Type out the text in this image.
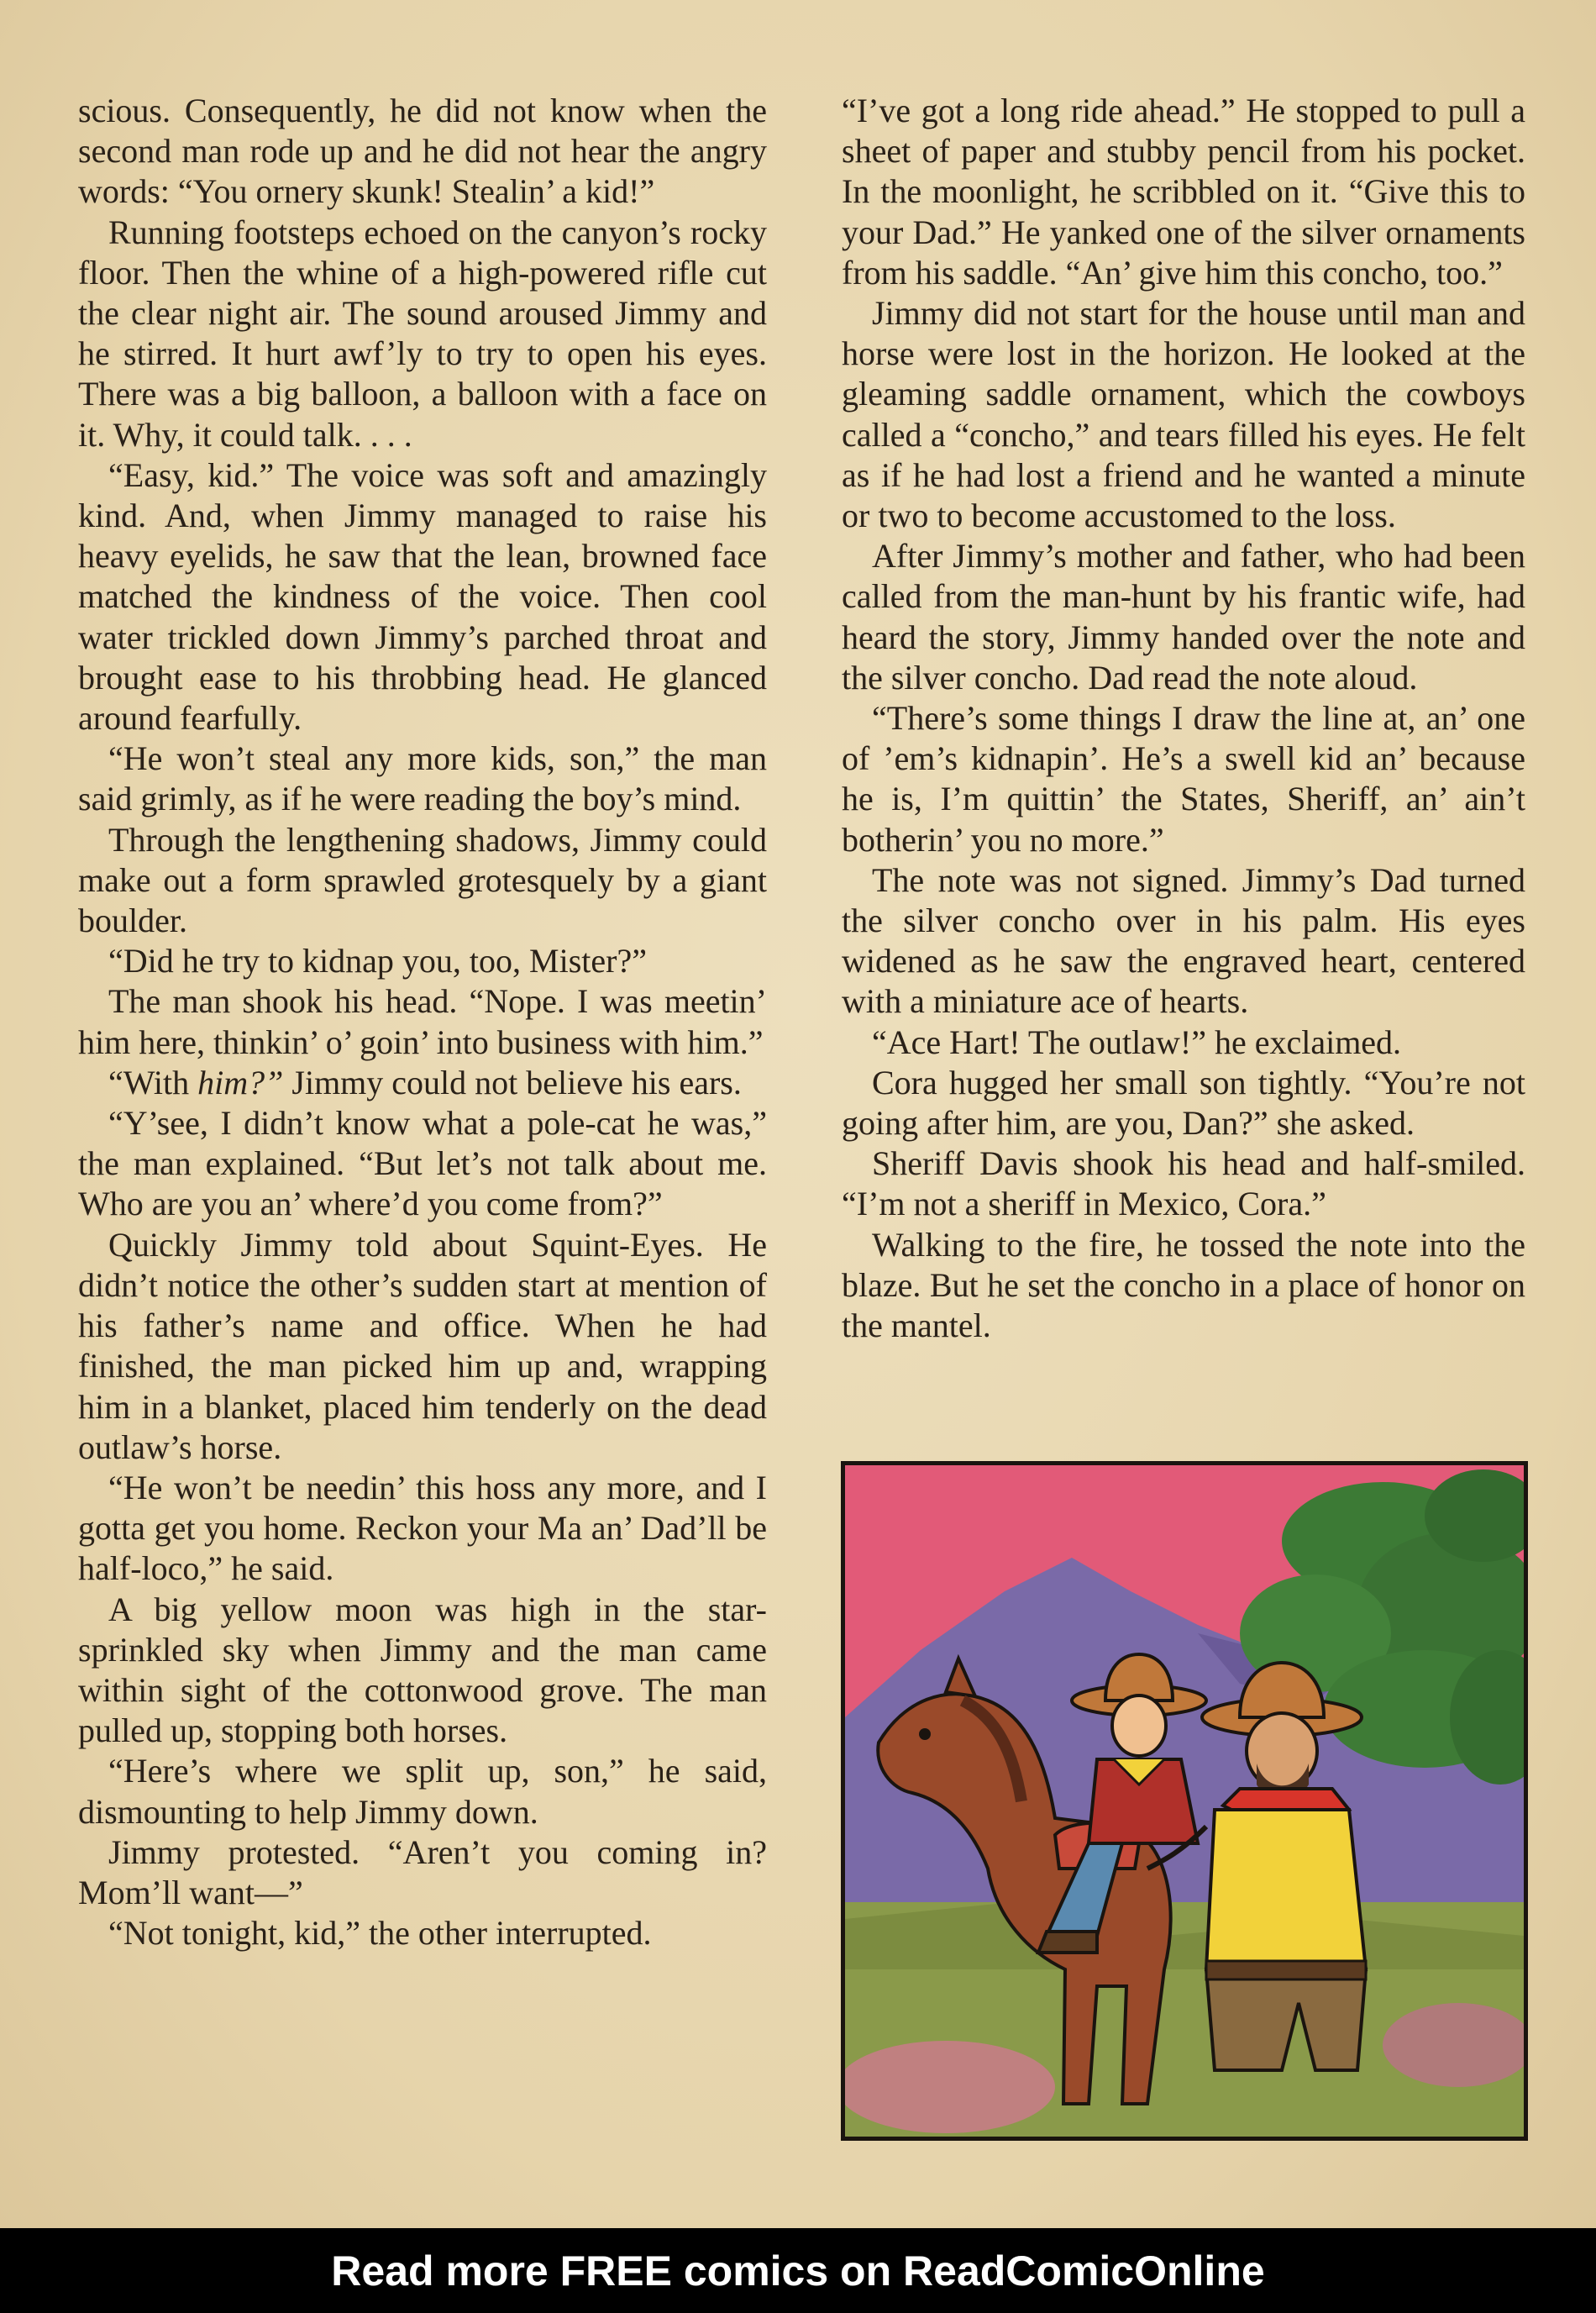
scious. Consequently, he did not know when the second man rode up and he did not hear the angry words: “You ornery skunk! Stealin’ a kid!”

Running footsteps echoed on the canyon’s rocky floor. Then the whine of a high-powered rifle cut the clear night air. The sound aroused Jimmy and he stirred. It hurt awf’ly to try to open his eyes. There was a big balloon, a balloon with a face on it. Why, it could talk. . . .

“Easy, kid.” The voice was soft and amazingly kind. And, when Jimmy managed to raise his heavy eyelids, he saw that the lean, browned face matched the kindness of the voice. Then cool water trickled down Jimmy’s parched throat and brought ease to his throbbing head. He glanced around fearfully.

“He won’t steal any more kids, son,” the man said grimly, as if he were reading the boy’s mind.

Through the lengthening shadows, Jimmy could make out a form sprawled grotesquely by a giant boulder.

“Did he try to kidnap you, too, Mister?”

The man shook his head. “Nope. I was meetin’ him here, thinkin’ o’ goin’ into business with him.”

“With him?” Jimmy could not believe his ears.

“Y’see, I didn’t know what a pole-cat he was,” the man explained. “But let’s not talk about me. Who are you an’ where’d you come from?”

Quickly Jimmy told about Squint-Eyes. He didn’t notice the other’s sudden start at mention of his father’s name and office. When he had finished, the man picked him up and, wrapping him in a blanket, placed him tenderly on the dead outlaw’s horse.

“He won’t be needin’ this hoss any more, and I gotta get you home. Reckon your Ma an’ Dad’ll be half-loco,” he said.

A big yellow moon was high in the star-sprinkled sky when Jimmy and the man came within sight of the cottonwood grove. The man pulled up, stopping both horses.

“Here’s where we split up, son,” he said, dismounting to help Jimmy down.

Jimmy protested. “Aren’t you coming in? Mom’ll want—”

“Not tonight, kid,” the other interrupted.

“I’ve got a long ride ahead.” He stopped to pull a sheet of paper and stubby pencil from his pocket. In the moonlight, he scribbled on it. “Give this to your Dad.” He yanked one of the silver ornaments from his saddle. “An’ give him this concho, too.”

Jimmy did not start for the house until man and horse were lost in the horizon. He looked at the gleaming saddle ornament, which the cowboys called a “concho,” and tears filled his eyes. He felt as if he had lost a friend and he wanted a minute or two to become accustomed to the loss.

After Jimmy’s mother and father, who had been called from the man-hunt by his frantic wife, had heard the story, Jimmy handed over the note and the silver concho. Dad read the note aloud.

“There’s some things I draw the line at, an’ one of ’em’s kidnapin’. He’s a swell kid an’ because he is, I’m quittin’ the States, Sheriff, an’ ain’t botherin’ you no more.”

The note was not signed. Jimmy’s Dad turned the silver concho over in his palm. His eyes widened as he saw the engraved heart, centered with a miniature ace of hearts.

“Ace Hart! The outlaw!” he exclaimed.

Cora hugged her small son tightly. “You’re not going after him, are you, Dan?” she asked.

Sheriff Davis shook his head and half-smiled. “I’m not a sheriff in Mexico, Cora.”

Walking to the fire, he tossed the note into the blaze. But he set the concho in a place of honor on the mantel.

Read more FREE comics on ReadComicOnline
